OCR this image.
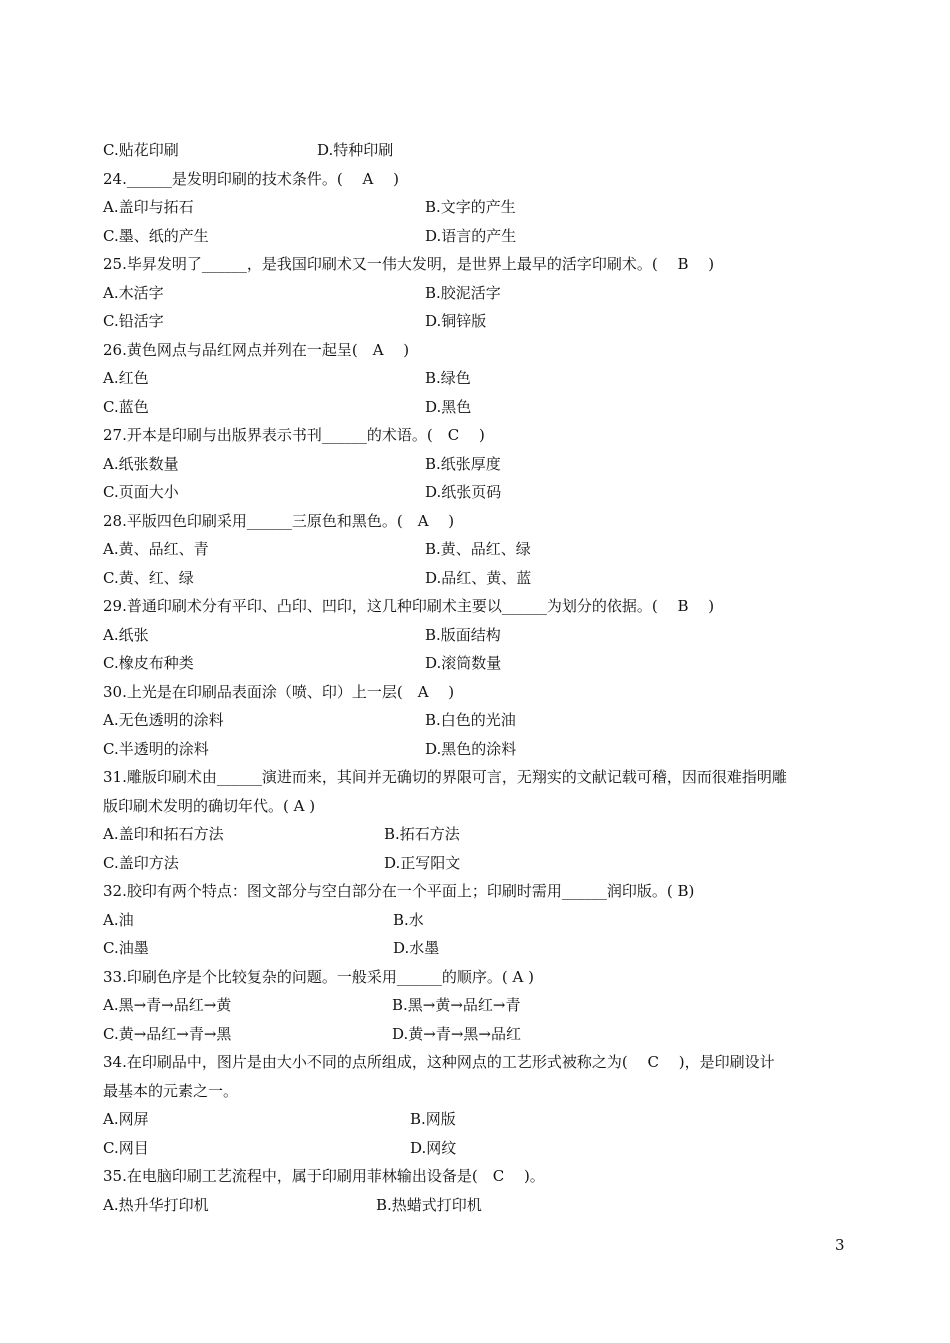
C.贴花印刷	D.特种印刷
24.______是发明印刷的技术条件。(　 A　 )
A.盖印与拓石	B.文字的产生
C.墨、纸的产生	D.语言的产生
25.毕昇发明了______，是我国印刷术又一伟大发明，是世界上最早的活字印刷术。(　 B　 )
A.木活字	B.胶泥活字
C.铅活字	D.铜锌版
26.黄色网点与品红网点并列在一起呈(　A　 )
A.红色	B.绿色
C.蓝色	D.黑色
27.开本是印刷与出版界表示书刊______的术语。(　C　 )
A.纸张数量	B.纸张厚度
C.页面大小	D.纸张页码
28.平版四色印刷采用______三原色和黑色。(　A　 )
A.黄、品红、青	B.黄、品红、绿
C.黄、红、绿	D.品红、黄、蓝
29.普通印刷术分有平印、凸印、凹印，这几种印刷术主要以______为划分的依据。(　 B　 )
A.纸张	B.版面结构
C.橡皮布种类	D.滚筒数量
30.上光是在印刷品表面涂（喷、印）上一层(　A　 )
A.无色透明的涂料	B.白色的光油
C.半透明的涂料	D.黑色的涂料
31.雕版印刷术由______演进而来，其间并无确切的界限可言，无翔实的文献记载可稽，因而很难指明雕
版印刷术发明的确切年代。( A )
A.盖印和拓石方法	B.拓石方法
C.盖印方法	D.正写阳文
32.胶印有两个特点：图文部分与空白部分在一个平面上；印刷时需用______润印版。( B)
A.油	B.水
C.油墨	D.水墨
33.印刷色序是个比较复杂的问题。一般采用______的顺序。( A )
A.黑→青→品红→黄	B.黑→黄→品红→青
C.黄→品红→青→黑	D.黄→青→黑→品红
34.在印刷品中，图片是由大小不同的点所组成，这种网点的工艺形式被称之为(　 C　 )，是印刷设计
最基本的元素之一。
A.网屏	B.网版
C.网目	D.网纹
35.在电脑印刷工艺流程中，属于印刷用菲林输出设备是(　C　 )。
A.热升华打印机	B.热蜡式打印机
3
